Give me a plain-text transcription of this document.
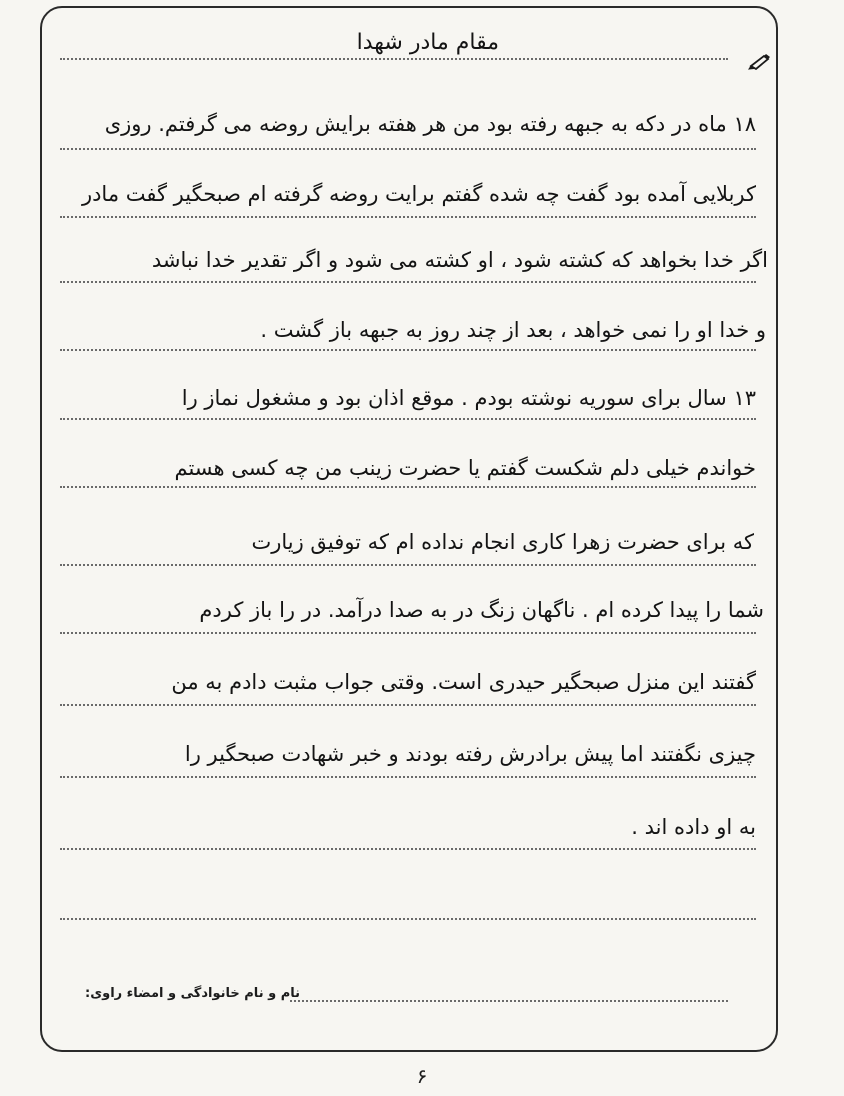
مقام مادر شهدا
۱۸ ماه در دکه به جبهه رفته بود من هر هفته برایش روضه می گرفتم. روزی
کربلایی آمده بود گفت چه شده گفتم برایت روضه گرفته ام صبحگیر گفت مادر
اگر خدا بخواهد که کشته شود ، او کشته می شود و اگر تقدیر خدا نباشد
و خدا او را نمی خواهد ، بعد از چند روز به جبهه باز گشت .
۱۳ سال برای سوریه نوشته بودم . موقع اذان بود و مشغول نماز را
خواندم خیلی دلم شکست گفتم یا حضرت زینب من چه کسی هستم
که برای حضرت زهرا کاری انجام نداده ام که توفیق زیارت
شما را پیدا کرده ام . ناگهان زنگ در به صدا درآمد. در را باز کردم
گفتند این منزل صبحگیر حیدری است. وقتی جواب مثبت دادم به من
چیزی نگفتند اما پیش برادرش رفته بودند و خبر شهادت صبحگیر را
به او داده اند .
نام و نام خانوادگی و امضاء راوی:
۶
